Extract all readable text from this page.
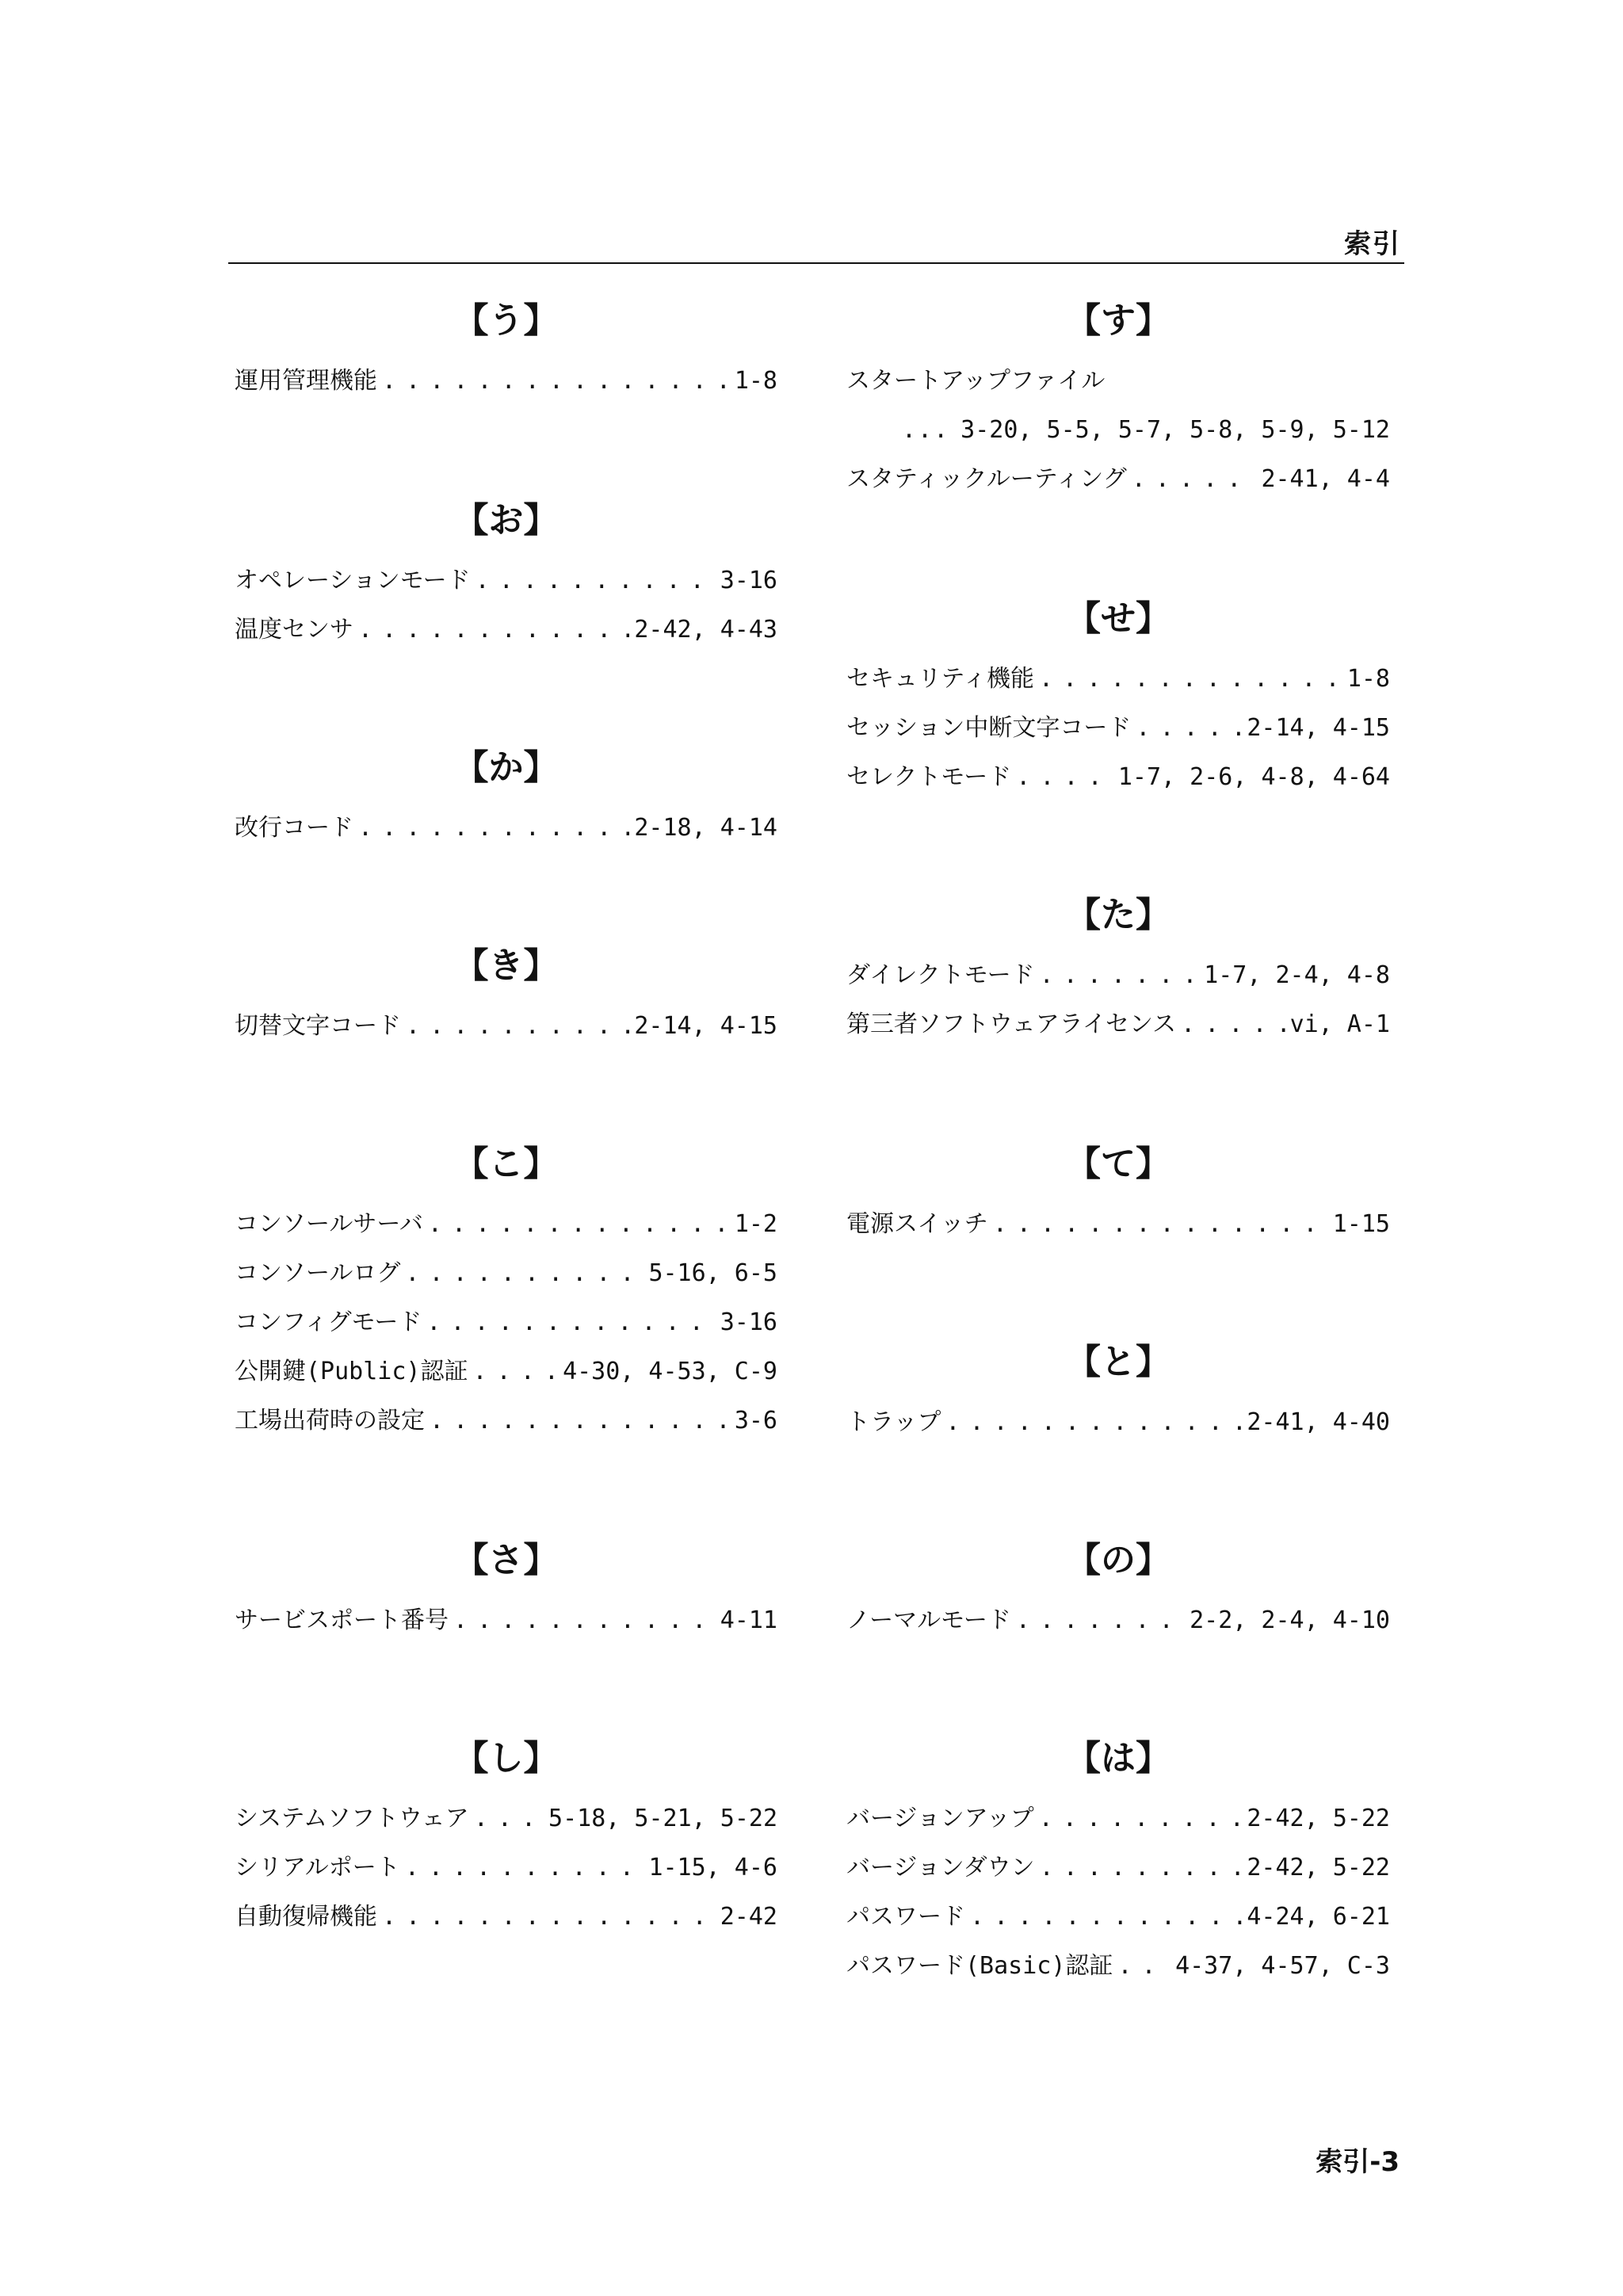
索引
【う】
運用管理機能 . . .	1-8
【お】
オペレーションモード . . .	3-16
温度センサ . . .	2-42, 4-43
【か】
改行コード . . .	2-18, 4-14
【き】
切替文字コード . . .	2-14, 4-15
【こ】
コンソールサーバ . . .	1-2
コンソールログ . . .	5-16, 6-5
コンフィグモード . . .	3-16
公開鍵(Public)認証 . . .	4-30, 4-53, C-9
工場出荷時の設定 . . .	3-6
【さ】
サービスポート番号 . . .	4-11
【し】
システムソフトウェア . . .	5-18, 5-21, 5-22
シリアルポート . . .	1-15, 4-6
自動復帰機能 . . .	2-42
【す】
スタートアップファイル
... 3-20, 5-5, 5-7, 5-8, 5-9, 5-12
スタティックルーティング . . .	2-41, 4-4
【せ】
セキュリティ機能 . . .	1-8
セッション中断文字コード . . .	2-14, 4-15
セレクトモード . . .	1-7, 2-6, 4-8, 4-64
【た】
ダイレクトモード . . .	1-7, 2-4, 4-8
第三者ソフトウェアライセンス . . .	vi, A-1
【て】
電源スイッチ . . .	1-15
【と】
トラップ . . .	2-41, 4-40
【の】
ノーマルモード . . .	2-2, 2-4, 4-10
【は】
バージョンアップ . . .	2-42, 5-22
バージョンダウン . . .	2-42, 5-22
パスワード . . .	4-24, 6-21
パスワード(Basic)認証 . . .	4-37, 4-57, C-3
索引-3
